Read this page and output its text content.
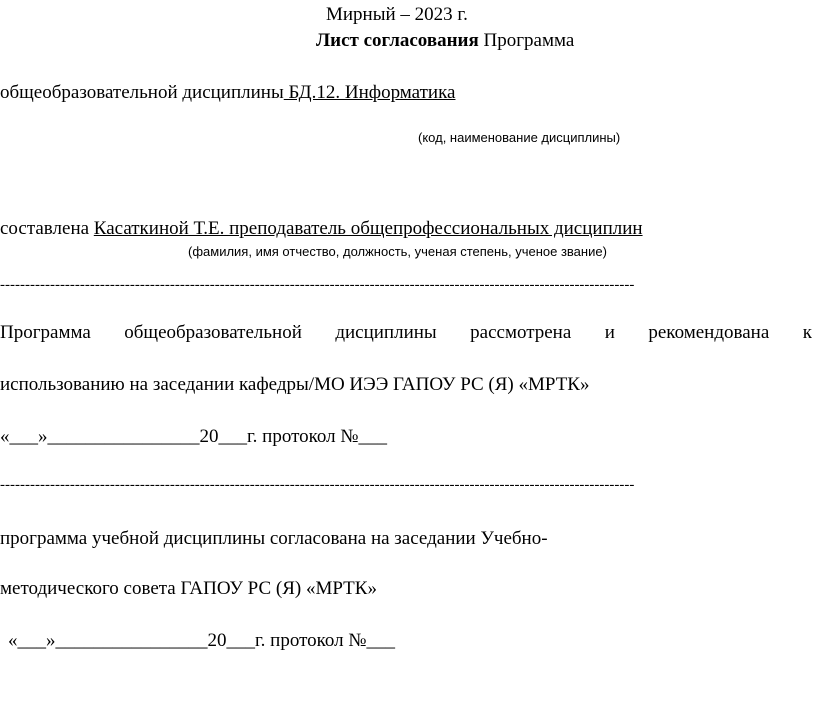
Мирный – 2023 г.
Лист согласования Программа
общеобразовательной дисциплины БД.12. Информатика
(код, наименование дисциплины)
составлена Касаткиной Т.Е. преподаватель общепрофессиональных дисциплин
(фамилия, имя отчество, должность, ученая степень, ученое звание)
-------------------------------------------------------------------------------------------------------------------------------
Программа общеобразовательной дисциплины рассмотрена и рекомендована к
использованию на заседании кафедры/МО ИЭЭ ГАПОУ РС (Я) «МРТК»
«___»________________20___г. протокол №___
-------------------------------------------------------------------------------------------------------------------------------
программа учебной дисциплины согласована на заседании Учебно-
методического совета ГАПОУ РС (Я) «МРТК»
«___»________________20___г. протокол №___
